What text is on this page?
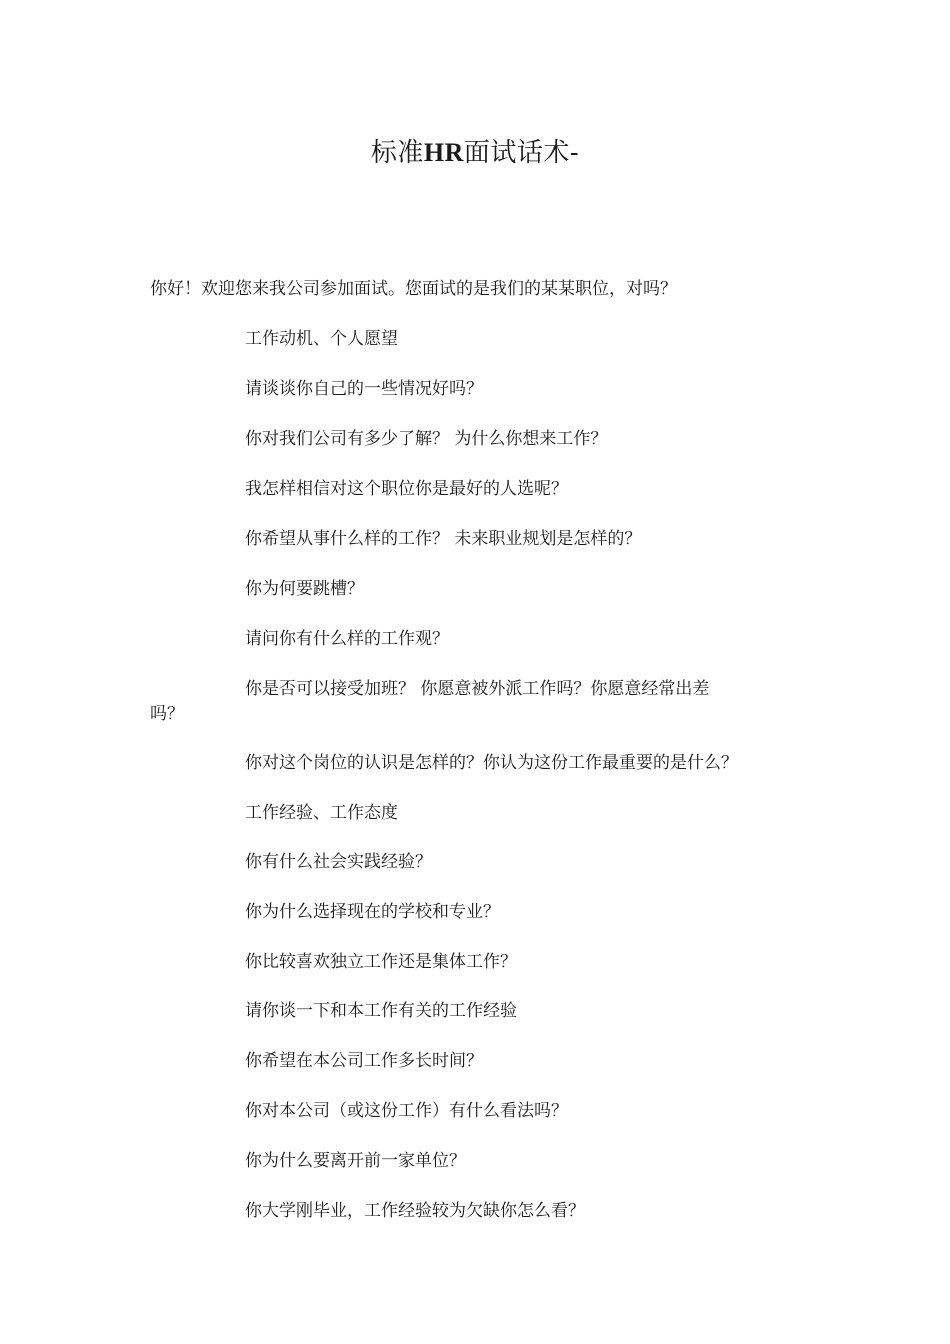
标准HR面试话术-
你好！欢迎您来我公司参加面试。您面试的是我们的某某职位，对吗？
工作动机、个人愿望
请谈谈你自己的一些情况好吗？
你对我们公司有多少了解？ 为什么你想来工作？
我怎样相信对这个职位你是最好的人选呢？
你希望从事什么样的工作？ 未来职业规划是怎样的？
你为何要跳槽？
请问你有什么样的工作观？
你是否可以接受加班？ 你愿意被外派工作吗？你愿意经常出差
吗？
你对这个岗位的认识是怎样的？你认为这份工作最重要的是什么？
工作经验、工作态度
你有什么社会实践经验？
你为什么选择现在的学校和专业？
你比较喜欢独立工作还是集体工作？
请你谈一下和本工作有关的工作经验
你希望在本公司工作多长时间？
你对本公司（或这份工作）有什么看法吗？
你为什么要离开前一家单位？
你大学刚毕业，工作经验较为欠缺你怎么看？
